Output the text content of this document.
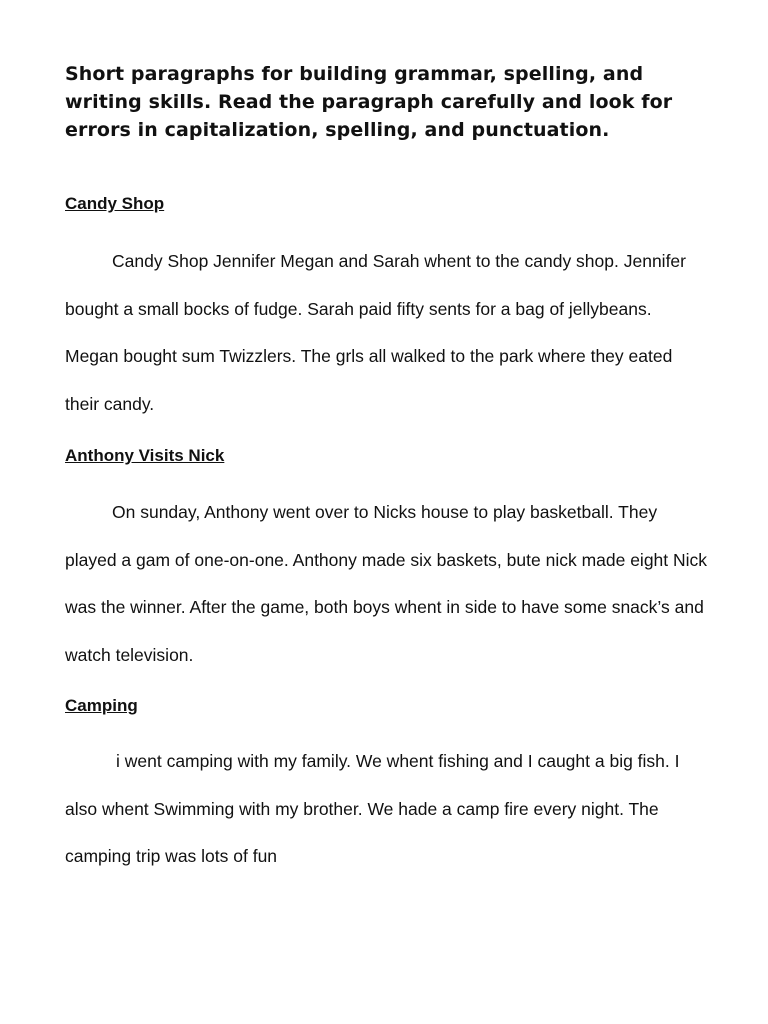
Short paragraphs for building grammar, spelling, and writing skills. Read the paragraph carefully and look for errors in capitalization, spelling, and punctuation.

Candy Shop

Candy Shop Jennifer Megan and Sarah whent to the candy shop. Jennifer bought a small bocks of fudge. Sarah paid fifty sents for a bag of jellybeans. Megan bought sum Twizzlers. The grls all walked to the park where they eated their candy.

Anthony Visits Nick

On sunday, Anthony went over to Nicks house to play basketball. They played a gam of one-on-one. Anthony made six baskets, bute nick made eight Nick was the winner. After the game, both boys whent in side to have some snack’s and watch television.

Camping

i went camping with my family. We whent fishing and I caught a big fish. I also whent Swimming with my brother. We hade a camp fire every night. The camping trip was lots of fun
